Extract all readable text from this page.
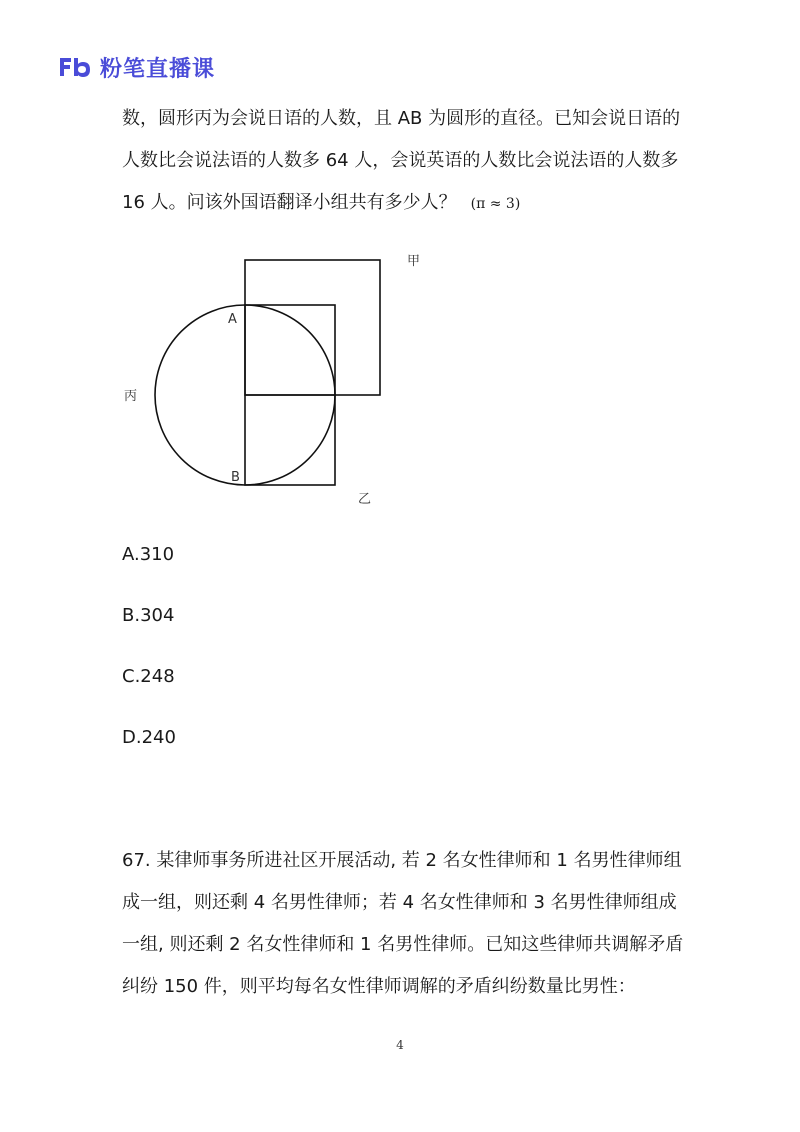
粉笔直播课
数，圆形丙为会说日语的人数，且 AB 为圆形的直径。已知会说日语的
人数比会说法语的人数多 64 人，会说英语的人数比会说法语的人数多
16 人。问该外国语翻译小组共有多少人？ (π ≈ 3)
甲
乙
丙
A
B
A.310
B.304
C.248
D.240
67. 某律师事务所进社区开展活动, 若 2 名女性律师和 1 名男性律师组
成一组，则还剩 4 名男性律师；若 4 名女性律师和 3 名男性律师组成
一组, 则还剩 2 名女性律师和 1 名男性律师。已知这些律师共调解矛盾
纠纷 150 件，则平均每名女性律师调解的矛盾纠纷数量比男性：
4
